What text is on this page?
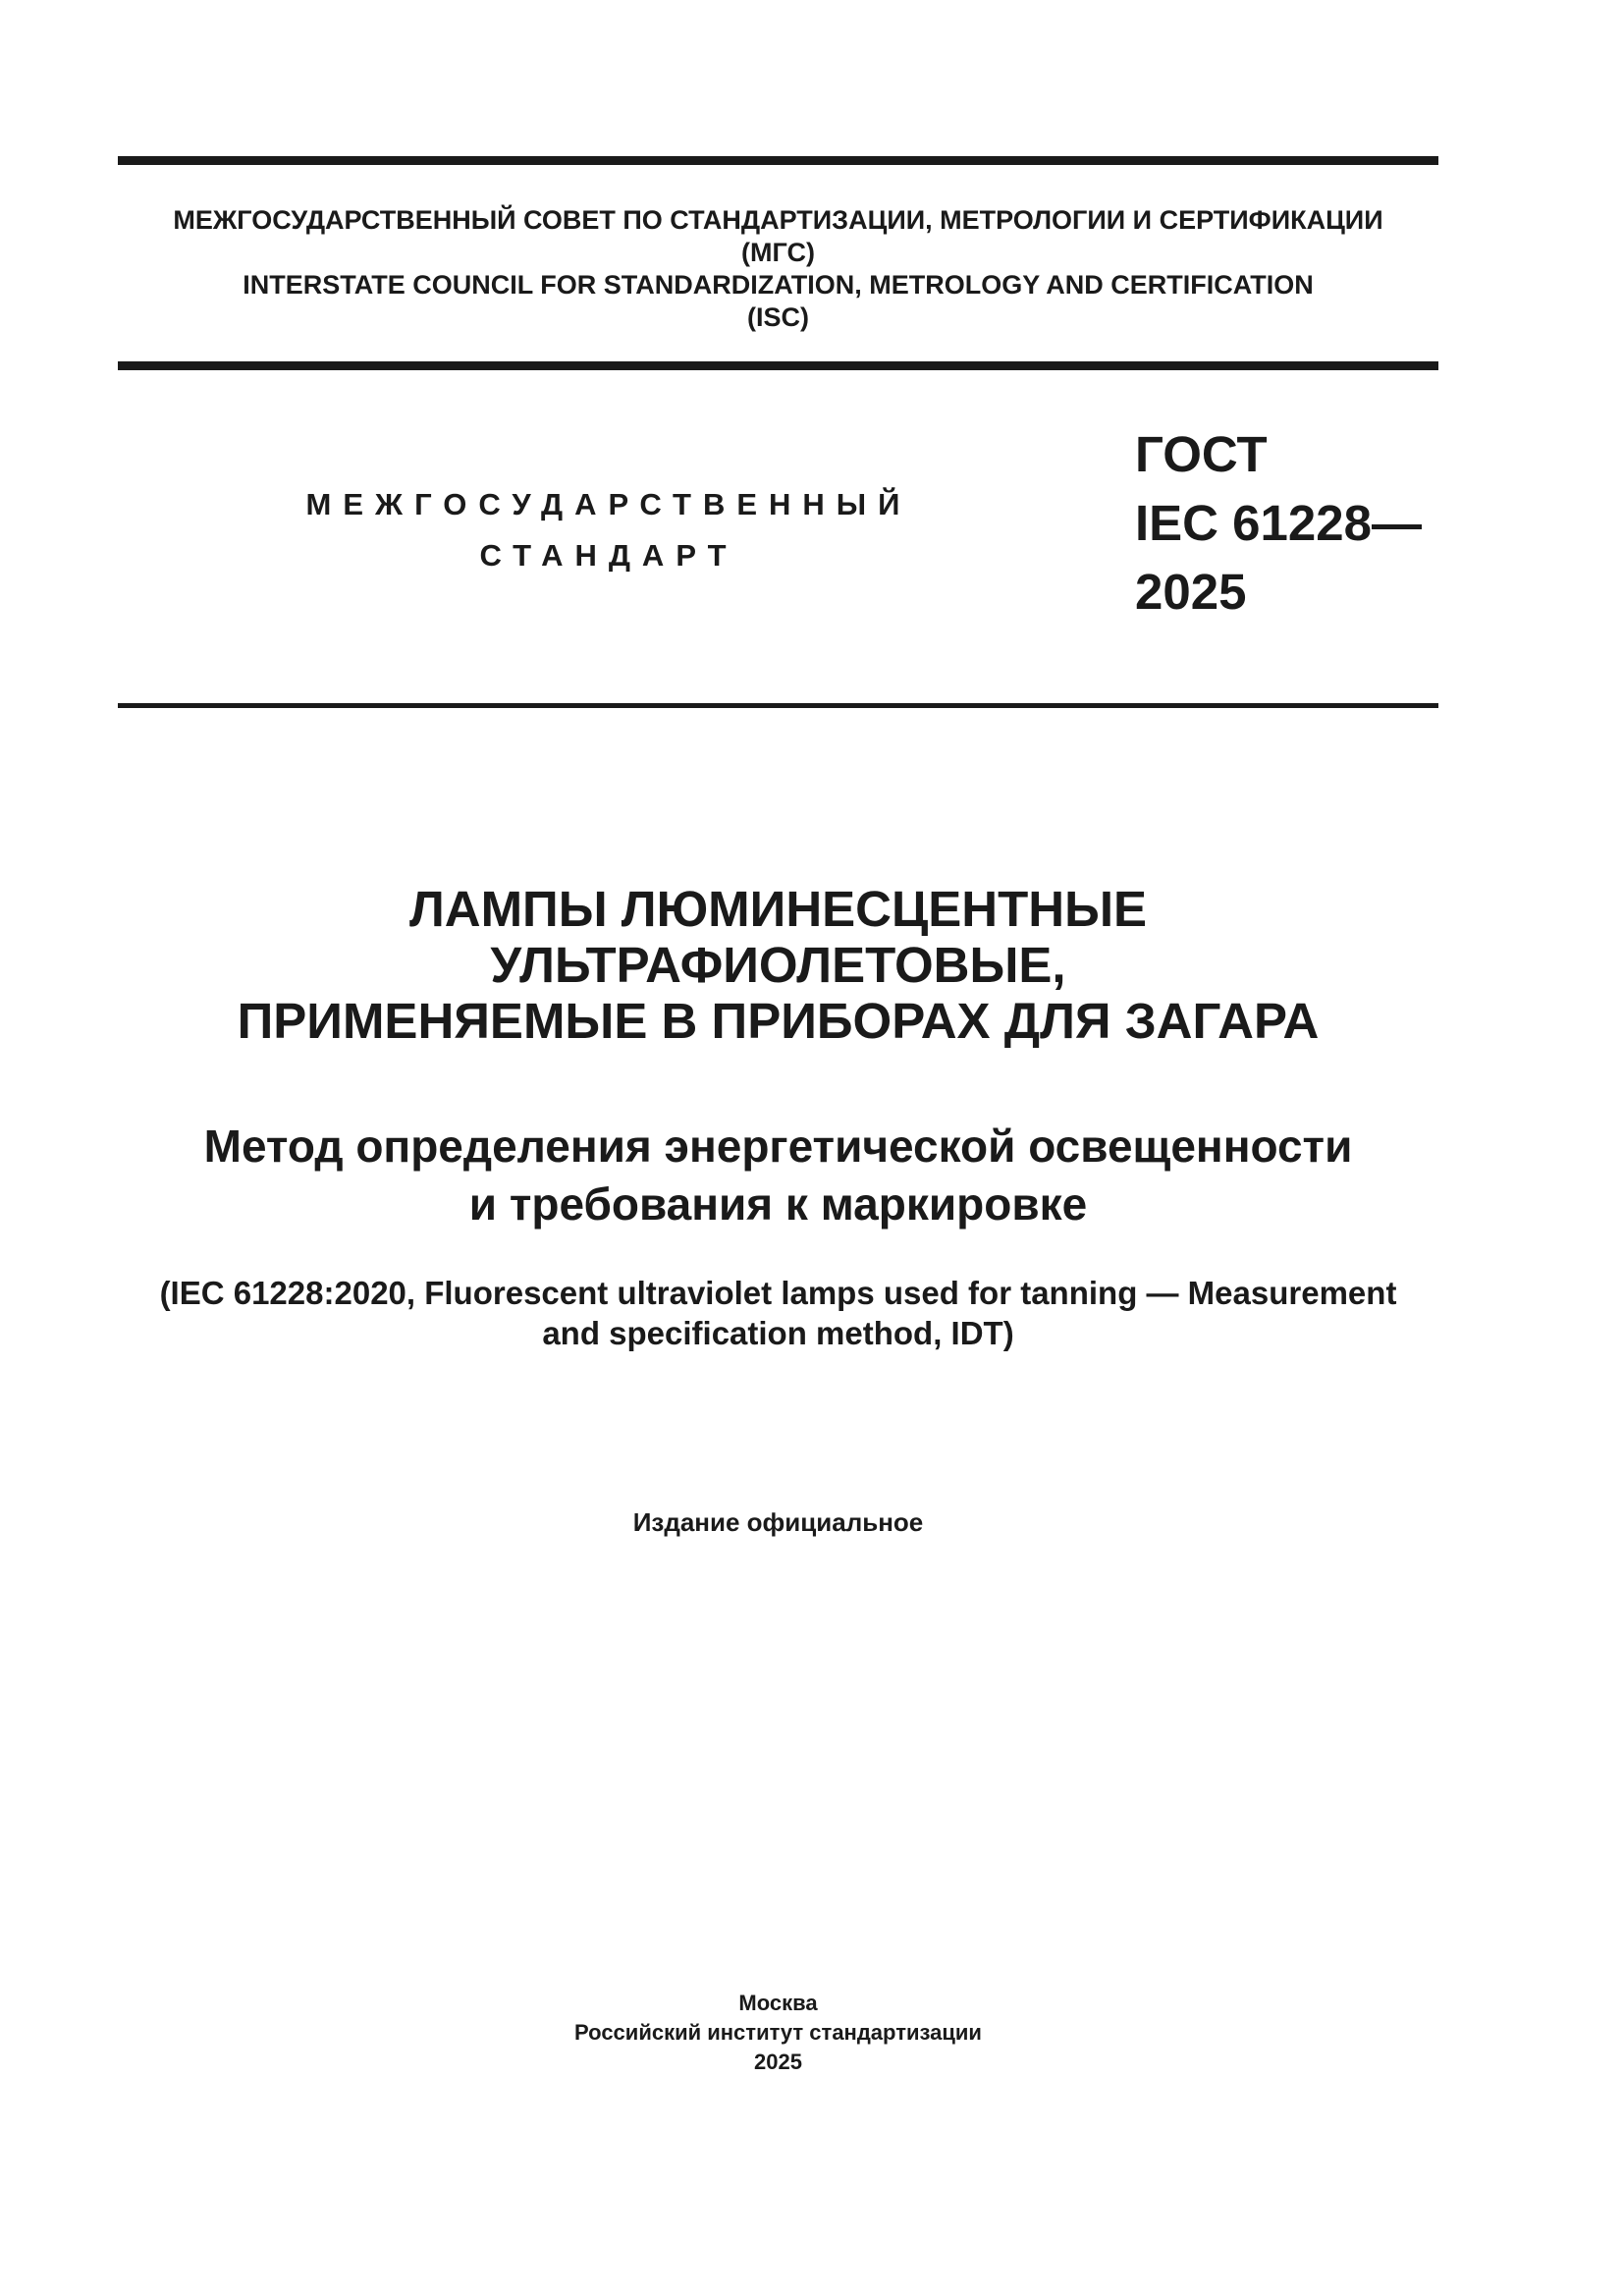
МЕЖГОСУДАРСТВЕННЫЙ СОВЕТ ПО СТАНДАРТИЗАЦИИ, МЕТРОЛОГИИ И СЕРТИФИКАЦИИ
(МГС)
INTERSTATE COUNCIL FOR STANDARDIZATION, METROLOGY AND CERTIFICATION
(ISC)
МЕЖГОСУДАРСТВЕННЫЙ
СТАНДАРТ
ГОСТ
IEC 61228—
2025
ЛАМПЫ ЛЮМИНЕСЦЕНТНЫЕ
УЛЬТРАФИОЛЕТОВЫЕ,
ПРИМЕНЯЕМЫЕ В ПРИБОРАХ ДЛЯ ЗАГАРА
Метод определения энергетической освещенности
и требования к маркировке
(IEC 61228:2020, Fluorescent ultraviolet lamps used for tanning — Measurement
and specification method, IDT)
Издание официальное
Москва
Российский институт стандартизации
2025
